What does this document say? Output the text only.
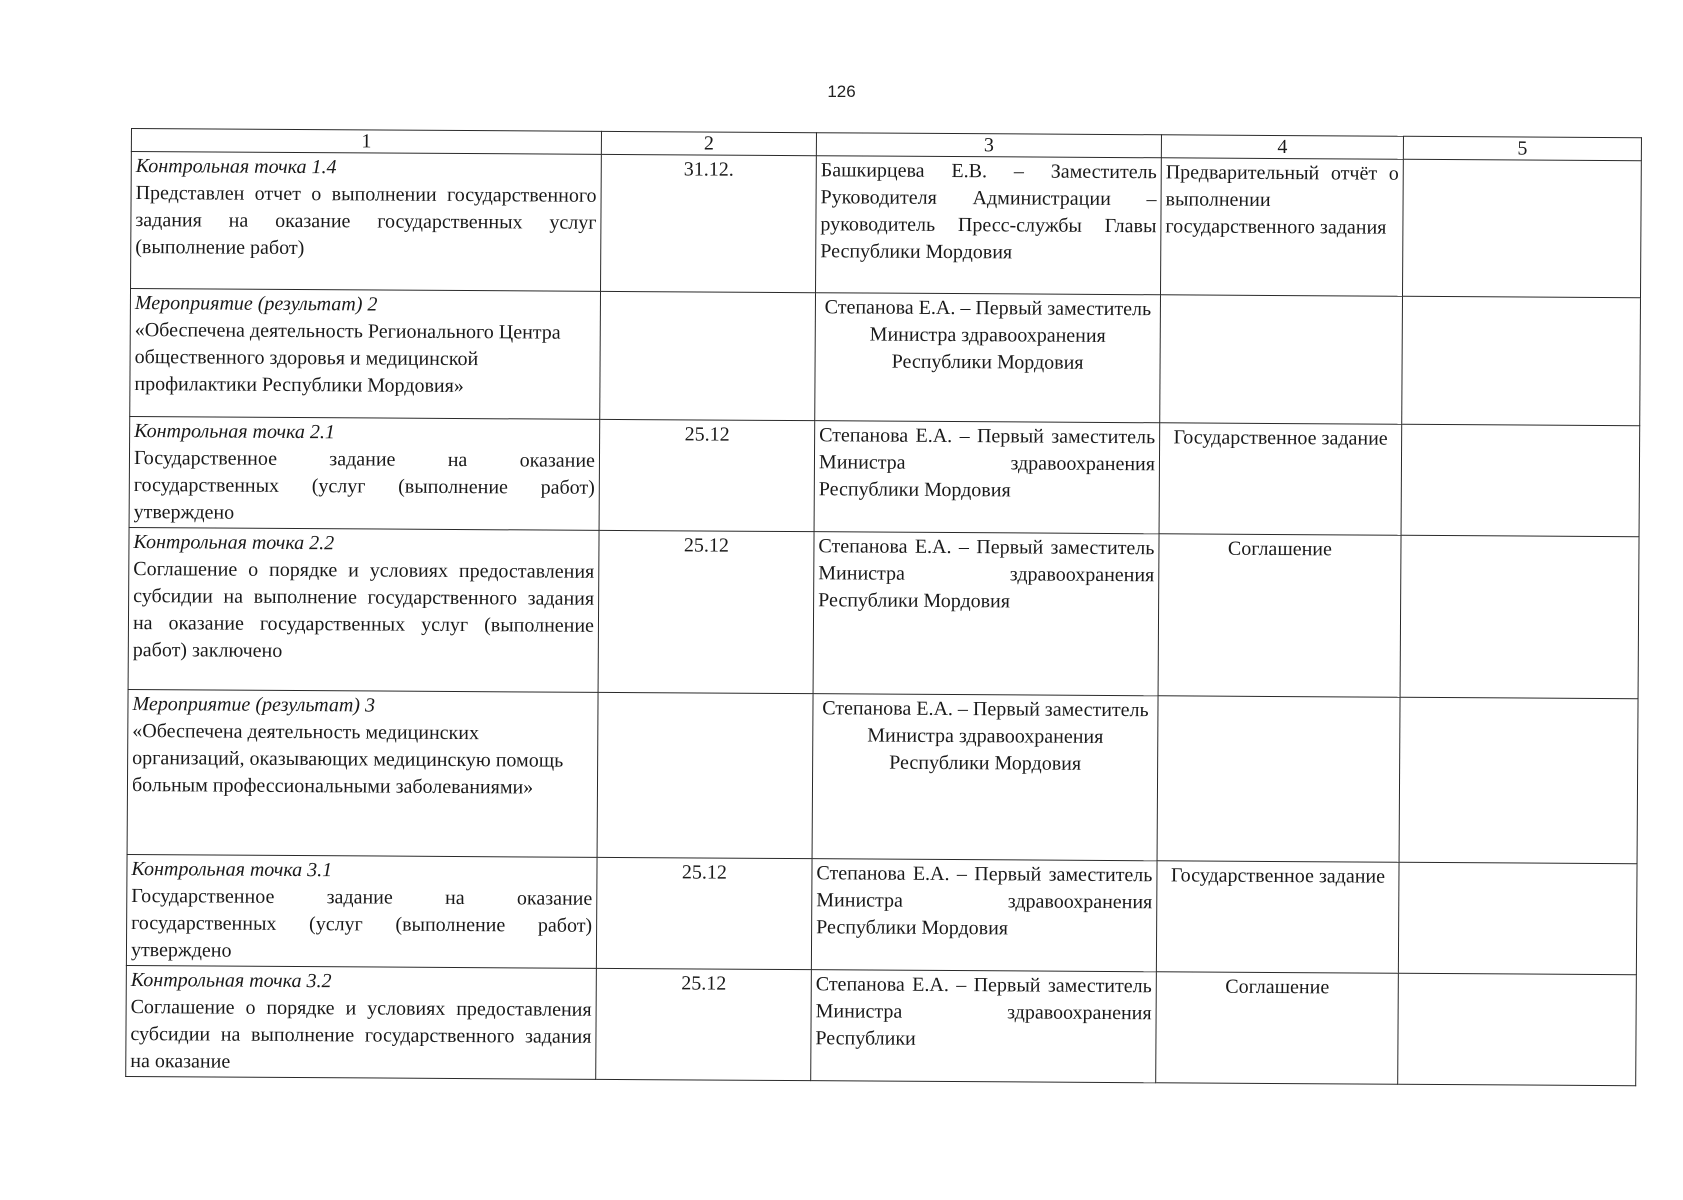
126
1	2	3	4	5

Контрольная точка 1.4
Представлен отчет о выполнении государственного задания на оказание государственных услуг (выполнение работ)	31.12.	Башкирцева Е.В. – Заместитель Руководителя Администрации – руководитель Пресс-службы Главы Республики Мордовия	Предварительный отчёт о выполнении государственного задания	

Мероприятие (результат) 2
«Обеспечена деятельность Регионального Центра общественного здоровья и медицинской профилактики Республики Мордовия»		Степанова Е.А. – Первый заместитель Министра здравоохранения Республики Мордовия		

Контрольная точка 2.1
Государственное задание на оказание государственных (услуг (выполнение работ) утверждено	25.12	Степанова Е.А. – Первый заместитель Министра здравоохранения Республики Мордовия	Государственное задание	

Контрольная точка 2.2
Соглашение о порядке и условиях предоставления субсидии на выполнение государственного задания на оказание государственных услуг (выполнение работ) заключено	25.12	Степанова Е.А. – Первый заместитель Министра здравоохранения Республики Мордовия	Соглашение	

Мероприятие (результат) 3
«Обеспечена деятельность медицинских организаций, оказывающих медицинскую помощь больным профессиональными заболеваниями»		Степанова Е.А. – Первый заместитель Министра здравоохранения Республики Мордовия		

Контрольная точка 3.1
Государственное задание на оказание государственных (услуг (выполнение работ) утверждено	25.12	Степанова Е.А. – Первый заместитель Министра здравоохранения Республики Мордовия	Государственное задание	

Контрольная точка 3.2
Соглашение о порядке и условиях предоставления субсидии на выполнение государственного задания на оказание	25.12	Степанова Е.А. – Первый заместитель Министра здравоохранения Республики	Соглашение	
